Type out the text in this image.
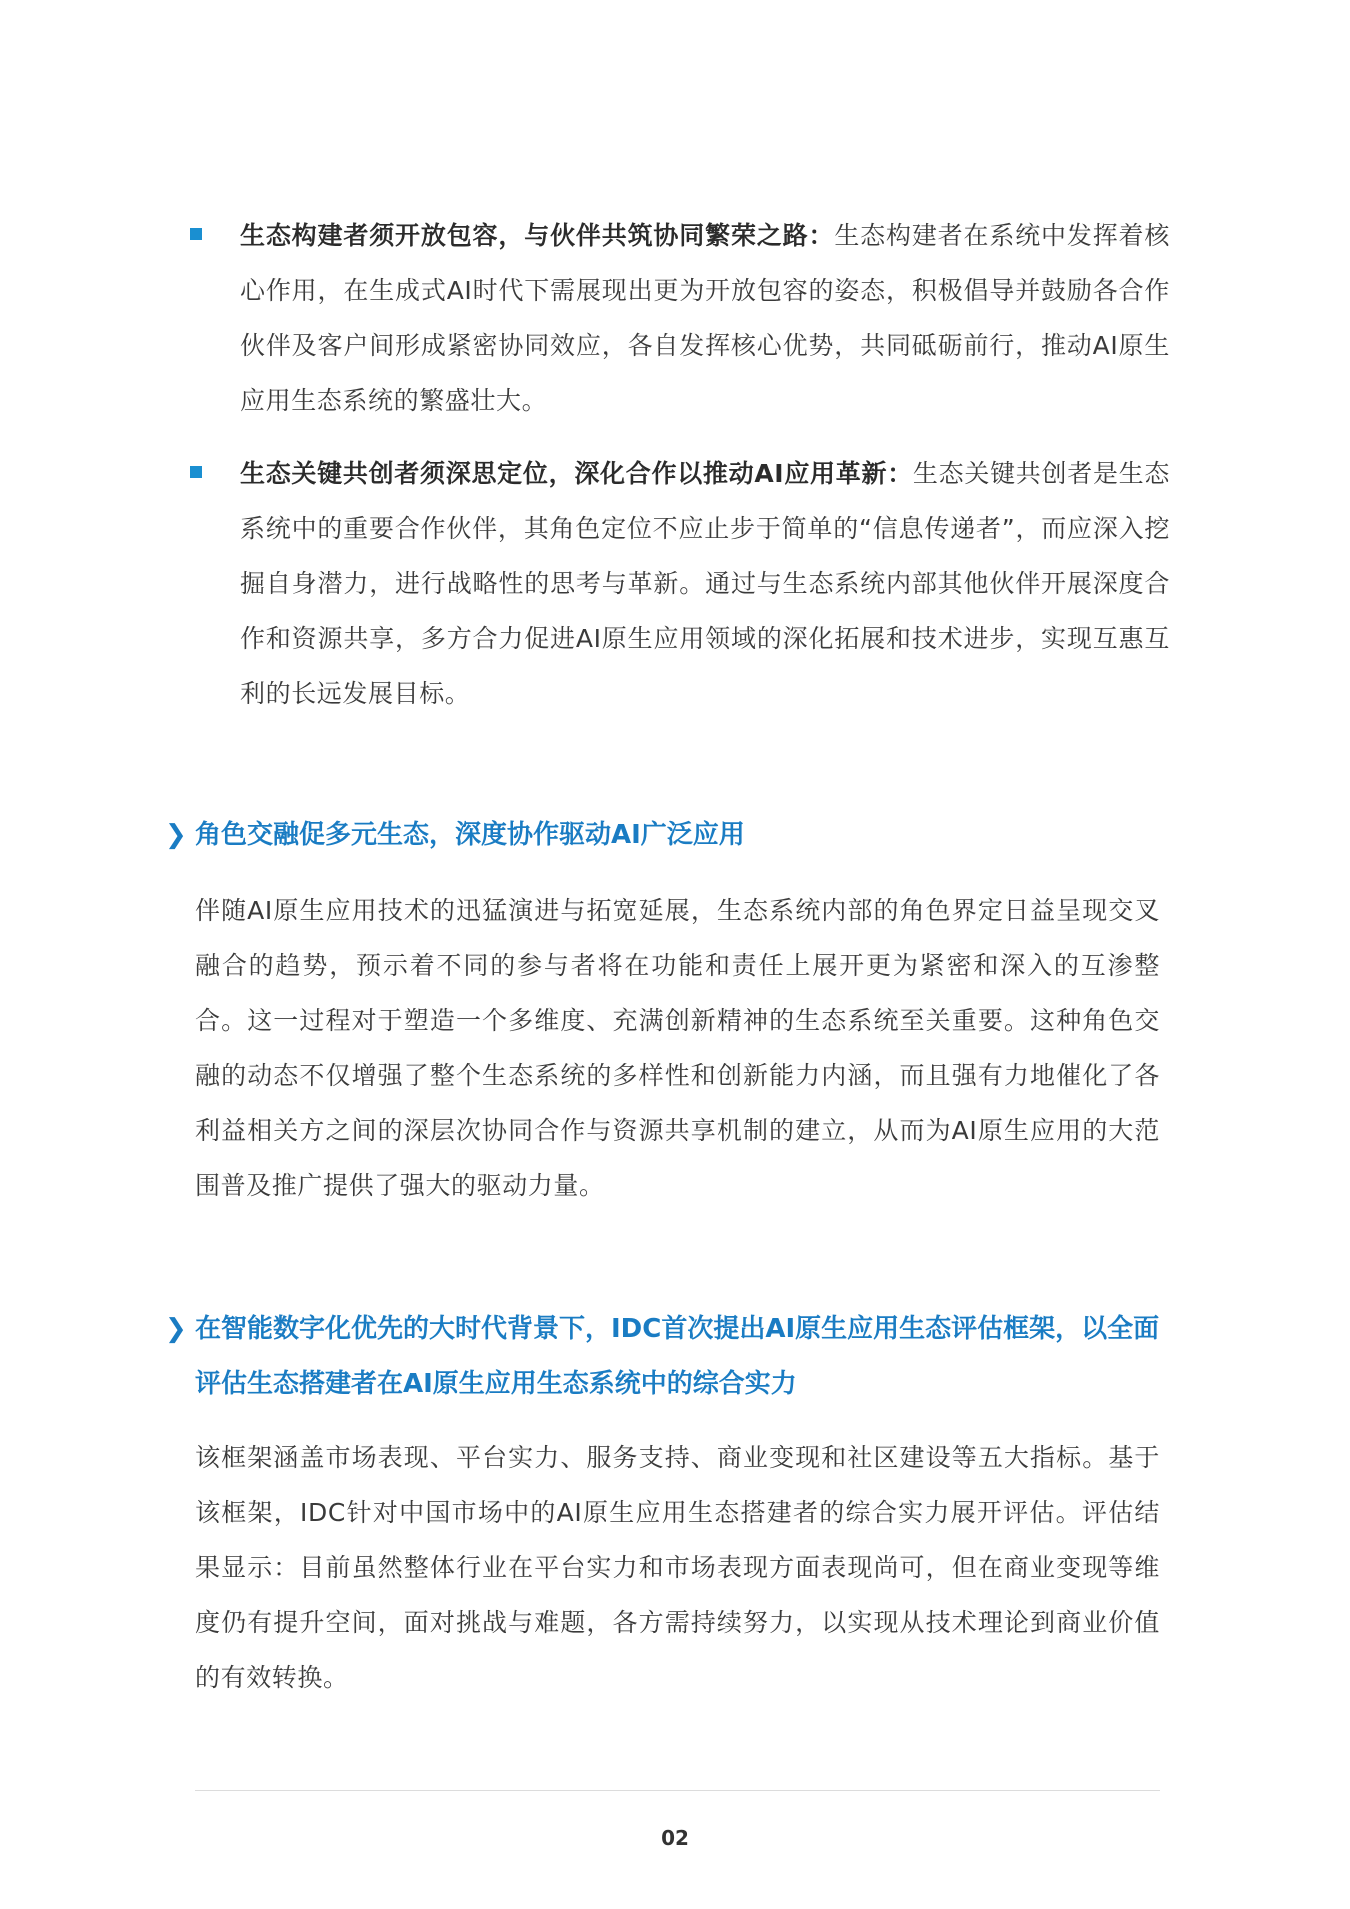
生态构建者须开放包容，与伙伴共筑协同繁荣之路：生态构建者在系统中发挥着核心作用，在生成式AI时代下需展现出更为开放包容的姿态，积极倡导并鼓励各合作伙伴及客户间形成紧密协同效应，各自发挥核心优势，共同砥砺前行，推动AI原生应用生态系统的繁盛壮大。

生态关键共创者须深思定位，深化合作以推动AI应用革新：生态关键共创者是生态系统中的重要合作伙伴，其角色定位不应止步于简单的“信息传递者”，而应深入挖掘自身潜力，进行战略性的思考与革新。通过与生态系统内部其他伙伴开展深度合作和资源共享，多方合力促进AI原生应用领域的深化拓展和技术进步，实现互惠互利的长远发展目标。

❯ 角色交融促多元生态，深度协作驱动AI广泛应用
伴随AI原生应用技术的迅猛演进与拓宽延展，生态系统内部的角色界定日益呈现交叉融合的趋势，预示着不同的参与者将在功能和责任上展开更为紧密和深入的互渗整合。这一过程对于塑造一个多维度、充满创新精神的生态系统至关重要。这种角色交融的动态不仅增强了整个生态系统的多样性和创新能力内涵，而且强有力地催化了各利益相关方之间的深层次协同合作与资源共享机制的建立，从而为AI原生应用的大范围普及推广提供了强大的驱动力量。
❯ 在智能数字化优先的大时代背景下，IDC首次提出AI原生应用生态评估框架，以全面评估生态搭建者在AI原生应用生态系统中的综合实力
该框架涵盖市场表现、平台实力、服务支持、商业变现和社区建设等五大指标。基于该框架，IDC针对中国市场中的AI原生应用生态搭建者的综合实力展开评估。评估结果显示：目前虽然整体行业在平台实力和市场表现方面表现尚可，但在商业变现等维度仍有提升空间，面对挑战与难题，各方需持续努力，以实现从技术理论到商业价值的有效转换。
02
